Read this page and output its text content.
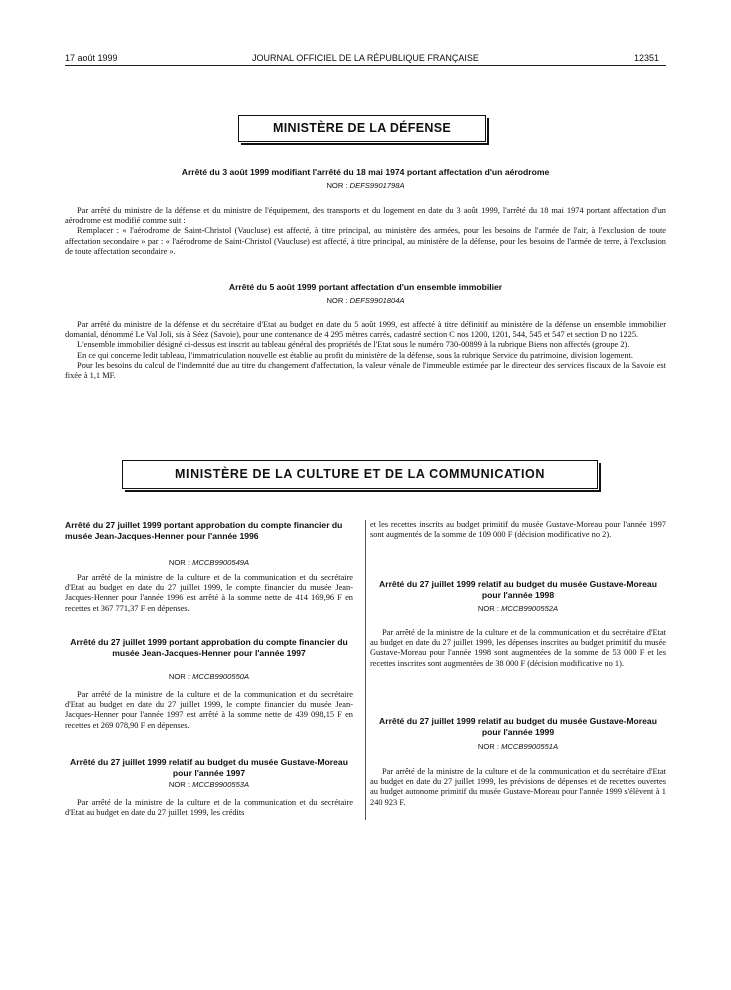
17 août 1999	JOURNAL OFFICIEL DE LA RÉPUBLIQUE FRANÇAISE	12351
MINISTÈRE DE LA DÉFENSE
Arrêté du 3 août 1999 modifiant l'arrêté du 18 mai 1974 portant affectation d'un aérodrome
NOR : DEFS9901798A

Par arrêté du ministre de la défense et du ministre de l'équipement, des transports et du logement en date du 3 août 1999, l'arrêté du 18 mai 1974 portant affectation d'un aérodrome est modifié comme suit :

Remplacer : « l'aérodrome de Saint-Christol (Vaucluse) est affecté, à titre principal, au ministère des armées, pour les besoins de l'armée de l'air, à l'exclusion de toute affectation secondaire » par : « l'aérodrome de Saint-Christol (Vaucluse) est affecté, à titre principal, au ministère de la défense, pour les besoins de l'armée de terre, à l'exclusion de toute affectation secondaire ».

Arrêté du 5 août 1999 portant affectation d'un ensemble immobilier
NOR : DEFS9901804A

Par arrêté du ministre de la défense et du secrétaire d'Etat au budget en date du 5 août 1999, est affecté à titre définitif au ministère de la défense un ensemble immobilier domanial, dénommé Le Val Joli, sis à Séez (Savoie), pour une contenance de 4 295 mètres carrés, cadastré section C nos 1200, 1201, 544, 545 et 547 et section D no 1225.

L'ensemble immobilier désigné ci-dessus est inscrit au tableau général des propriétés de l'Etat sous le numéro 730-00899 à la rubrique Biens non affectés (groupe 2).

En ce qui concerne ledit tableau, l'immatriculation nouvelle est établie au profit du ministère de la défense, sous la rubrique Service du patrimoine, division logement.

Pour les besoins du calcul de l'indemnité due au titre du changement d'affectation, la valeur vénale de l'immeuble estimée par le directeur des services fiscaux de la Savoie est fixée à 1,1 MF.

MINISTÈRE DE LA CULTURE ET DE LA COMMUNICATION
Arrêté du 27 juillet 1999 portant approbation du compte financier du musée Jean-Jacques-Henner pour l'année 1996
NOR : MCCB9900549A

Par arrêté de la ministre de la culture et de la communication et du secrétaire d'Etat au budget en date du 27 juillet 1999, le compte financier du musée Jean-Jacques-Henner pour l'année 1996 est arrêté à la somme nette de 414 169,96 F en recettes et 367 771,37 F en dépenses.

Arrêté du 27 juillet 1999 portant approbation du compte financier du musée Jean-Jacques-Henner pour l'année 1997
NOR : MCCB9900550A

Par arrêté de la ministre de la culture et de la communication et du secrétaire d'Etat au budget en date du 27 juillet 1999, le compte financier du musée Jean-Jacques-Henner pour l'année 1997 est arrêté à la somme nette de 439 098,15 F en recettes et 269 078,90 F en dépenses.

Arrêté du 27 juillet 1999 relatif au budget du musée Gustave-Moreau pour l'année 1997
NOR : MCCB9900553A

Par arrêté de la ministre de la culture et de la communication et du secrétaire d'Etat au budget en date du 27 juillet 1999, les crédits

et les recettes inscrits au budget primitif du musée Gustave-Moreau pour l'année 1997 sont augmentés de la somme de 109 000 F (décision modificative no 2).

Arrêté du 27 juillet 1999 relatif au budget du musée Gustave-Moreau pour l'année 1998
NOR : MCCB9900552A

Par arrêté de la ministre de la culture et de la communication et du secrétaire d'Etat au budget en date du 27 juillet 1999, les dépenses inscrites au budget primitif du musée Gustave-Moreau pour l'année 1998 sont augmentées de la somme de 53 000 F et les recettes inscrites sont augmentées de 38 000 F (décision modificative no 1).

Arrêté du 27 juillet 1999 relatif au budget du musée Gustave-Moreau pour l'année 1999
NOR : MCCB9900551A

Par arrêté de la ministre de la culture et de la communication et du secrétaire d'Etat au budget en date du 27 juillet 1999, les prévisions de dépenses et de recettes ouvertes au budget autonome primitif du musée Gustave-Moreau pour l'année 1999 s'élèvent à 1 240 923 F.
